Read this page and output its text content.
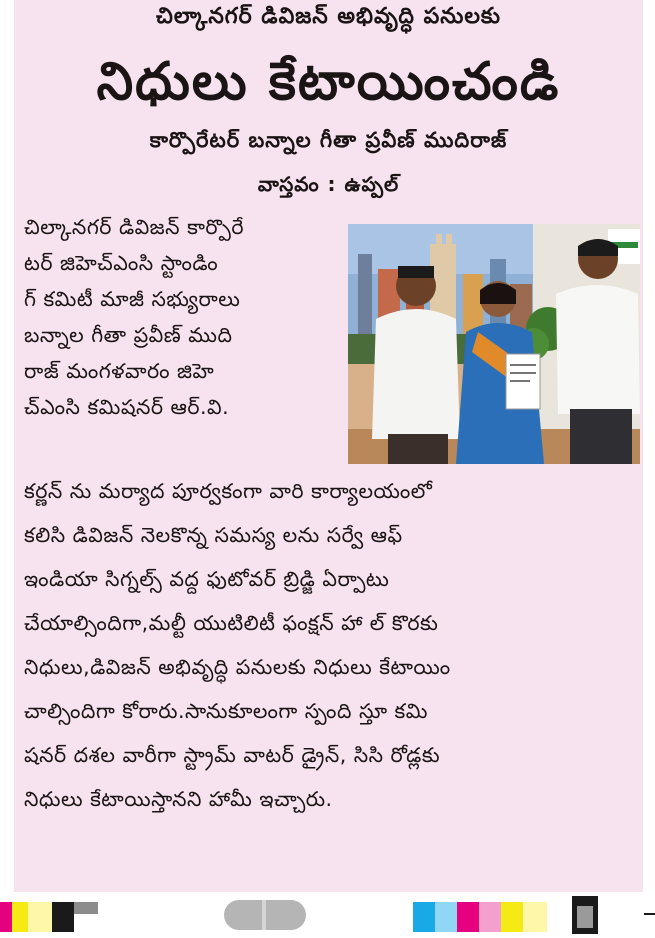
చిల్కానగర్ డివిజన్ అభివృద్ధి పనులకు
నిధులు కేటాయించండి
కార్పొరేటర్ బన్నాల గీతా ప్రవీణ్ ముదిరాజ్
వాస్తవం : ఉప్పల్
చిల్కానగర్ డివిజన్ కార్పొరే
టర్ జిహెచ్ఎంసి స్టాండిం
గ్ కమిటీ మాజీ సభ్యురాలు
బన్నాల గీతా ప్రవీణ్ ముది
రాజ్ మంగళవారం జిహె
చ్ఎంసి కమిషనర్ ఆర్.వి.
కర్ణన్ ను మర్యాద పూర్వకంగా వారి కార్యాలయంలో
కలిసి డివిజన్ నెలకొన్న సమస్య లను సర్వే ఆఫ్
ఇండియా సిగ్నల్స్ వద్ద ఫుటోవర్ బ్రిడ్జి ఏర్పాటు
చేయాల్సిందిగా,మల్టీ యుటిలిటీ ఫంక్షన్ హా ల్ కొరకు
నిధులు,డివిజన్ అభివృద్ధి పనులకు నిధులు కేటాయిం
చాల్సిందిగా కోరారు.సానుకూలంగా స్పంది స్తూ కమి
షనర్ దశల వారీగా స్ట్రామ్ వాటర్ డ్రైన్, సిసి రోడ్లకు
నిధులు కేటాయిస్తానని హామీ ఇచ్చారు.
